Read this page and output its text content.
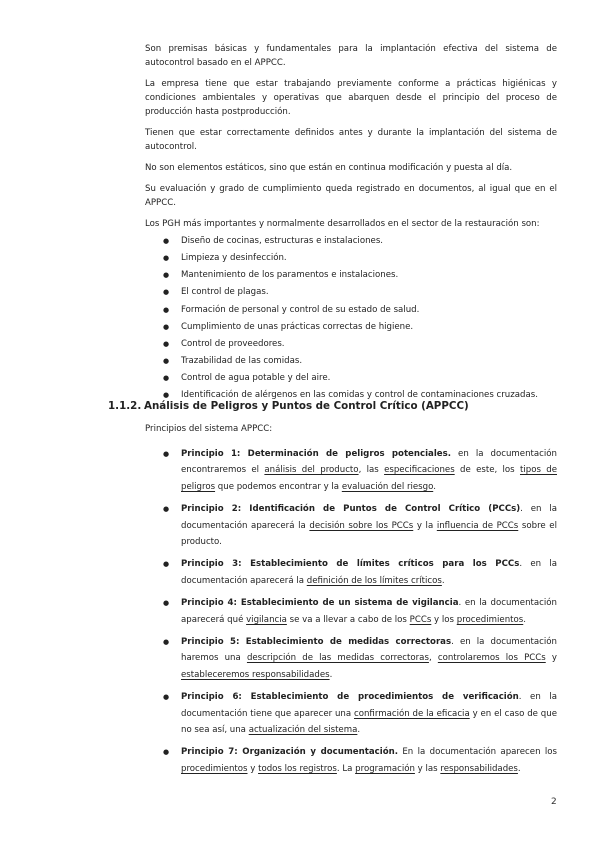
Son premisas básicas y fundamentales para la implantación efectiva del sistema de autocontrol basado en el APPCC.

La empresa tiene que estar trabajando previamente conforme a prácticas higiénicas y condiciones ambientales y operativas que abarquen desde el principio del proceso de producción hasta postproducción.

Tienen que estar correctamente definidos antes y durante la implantación del sistema de autocontrol.

No son elementos estáticos, sino que están en continua modificación y puesta al día.

Su evaluación y grado de cumplimiento queda registrado en documentos, al igual que en el APPCC.

Los PGH más importantes y normalmente desarrollados en el sector de la restauración son:

● Diseño de cocinas, estructuras e instalaciones.
● Limpieza y desinfección.
● Mantenimiento de los paramentos e instalaciones.
● El control de plagas.
● Formación de personal y control de su estado de salud.
● Cumplimiento de unas prácticas correctas de higiene.
● Control de proveedores.
● Trazabilidad de las comidas.
● Control de agua potable y del aire.
● Identificación de alérgenos en las comidas y control de contaminaciones cruzadas.
1.1.2. Análisis de Peligros y Puntos de Control Crítico (APPCC)

Principios del sistema APPCC:

● Principio 1: Determinación de peligros potenciales. en la documentación encontraremos el análisis del producto, las especificaciones de este, los tipos de peligros que podemos encontrar y la evaluación del riesgo.
● Principio 2: Identificación de Puntos de Control Crítico (PCCs). en la documentación aparecerá la decisión sobre los PCCs y la influencia de PCCs sobre el producto.
● Principio 3: Establecimiento de límites críticos para los PCCs. en la documentación aparecerá la definición de los límites críticos.
● Principio 4: Establecimiento de un sistema de vigilancia. en la documentación aparecerá qué vigilancia se va a llevar a cabo de los PCCs y los procedimientos.
● Principio 5: Establecimiento de medidas correctoras. en la documentación haremos una descripción de las medidas correctoras, controlaremos los PCCs y estableceremos responsabilidades.
● Principio 6: Establecimiento de procedimientos de verificación. en la documentación tiene que aparecer una confirmación de la eficacia y en el caso de que no sea así, una actualización del sistema.
● Principio 7: Organización y documentación. En la documentación aparecen los procedimientos y todos los registros. La programación y las responsabilidades.
2
